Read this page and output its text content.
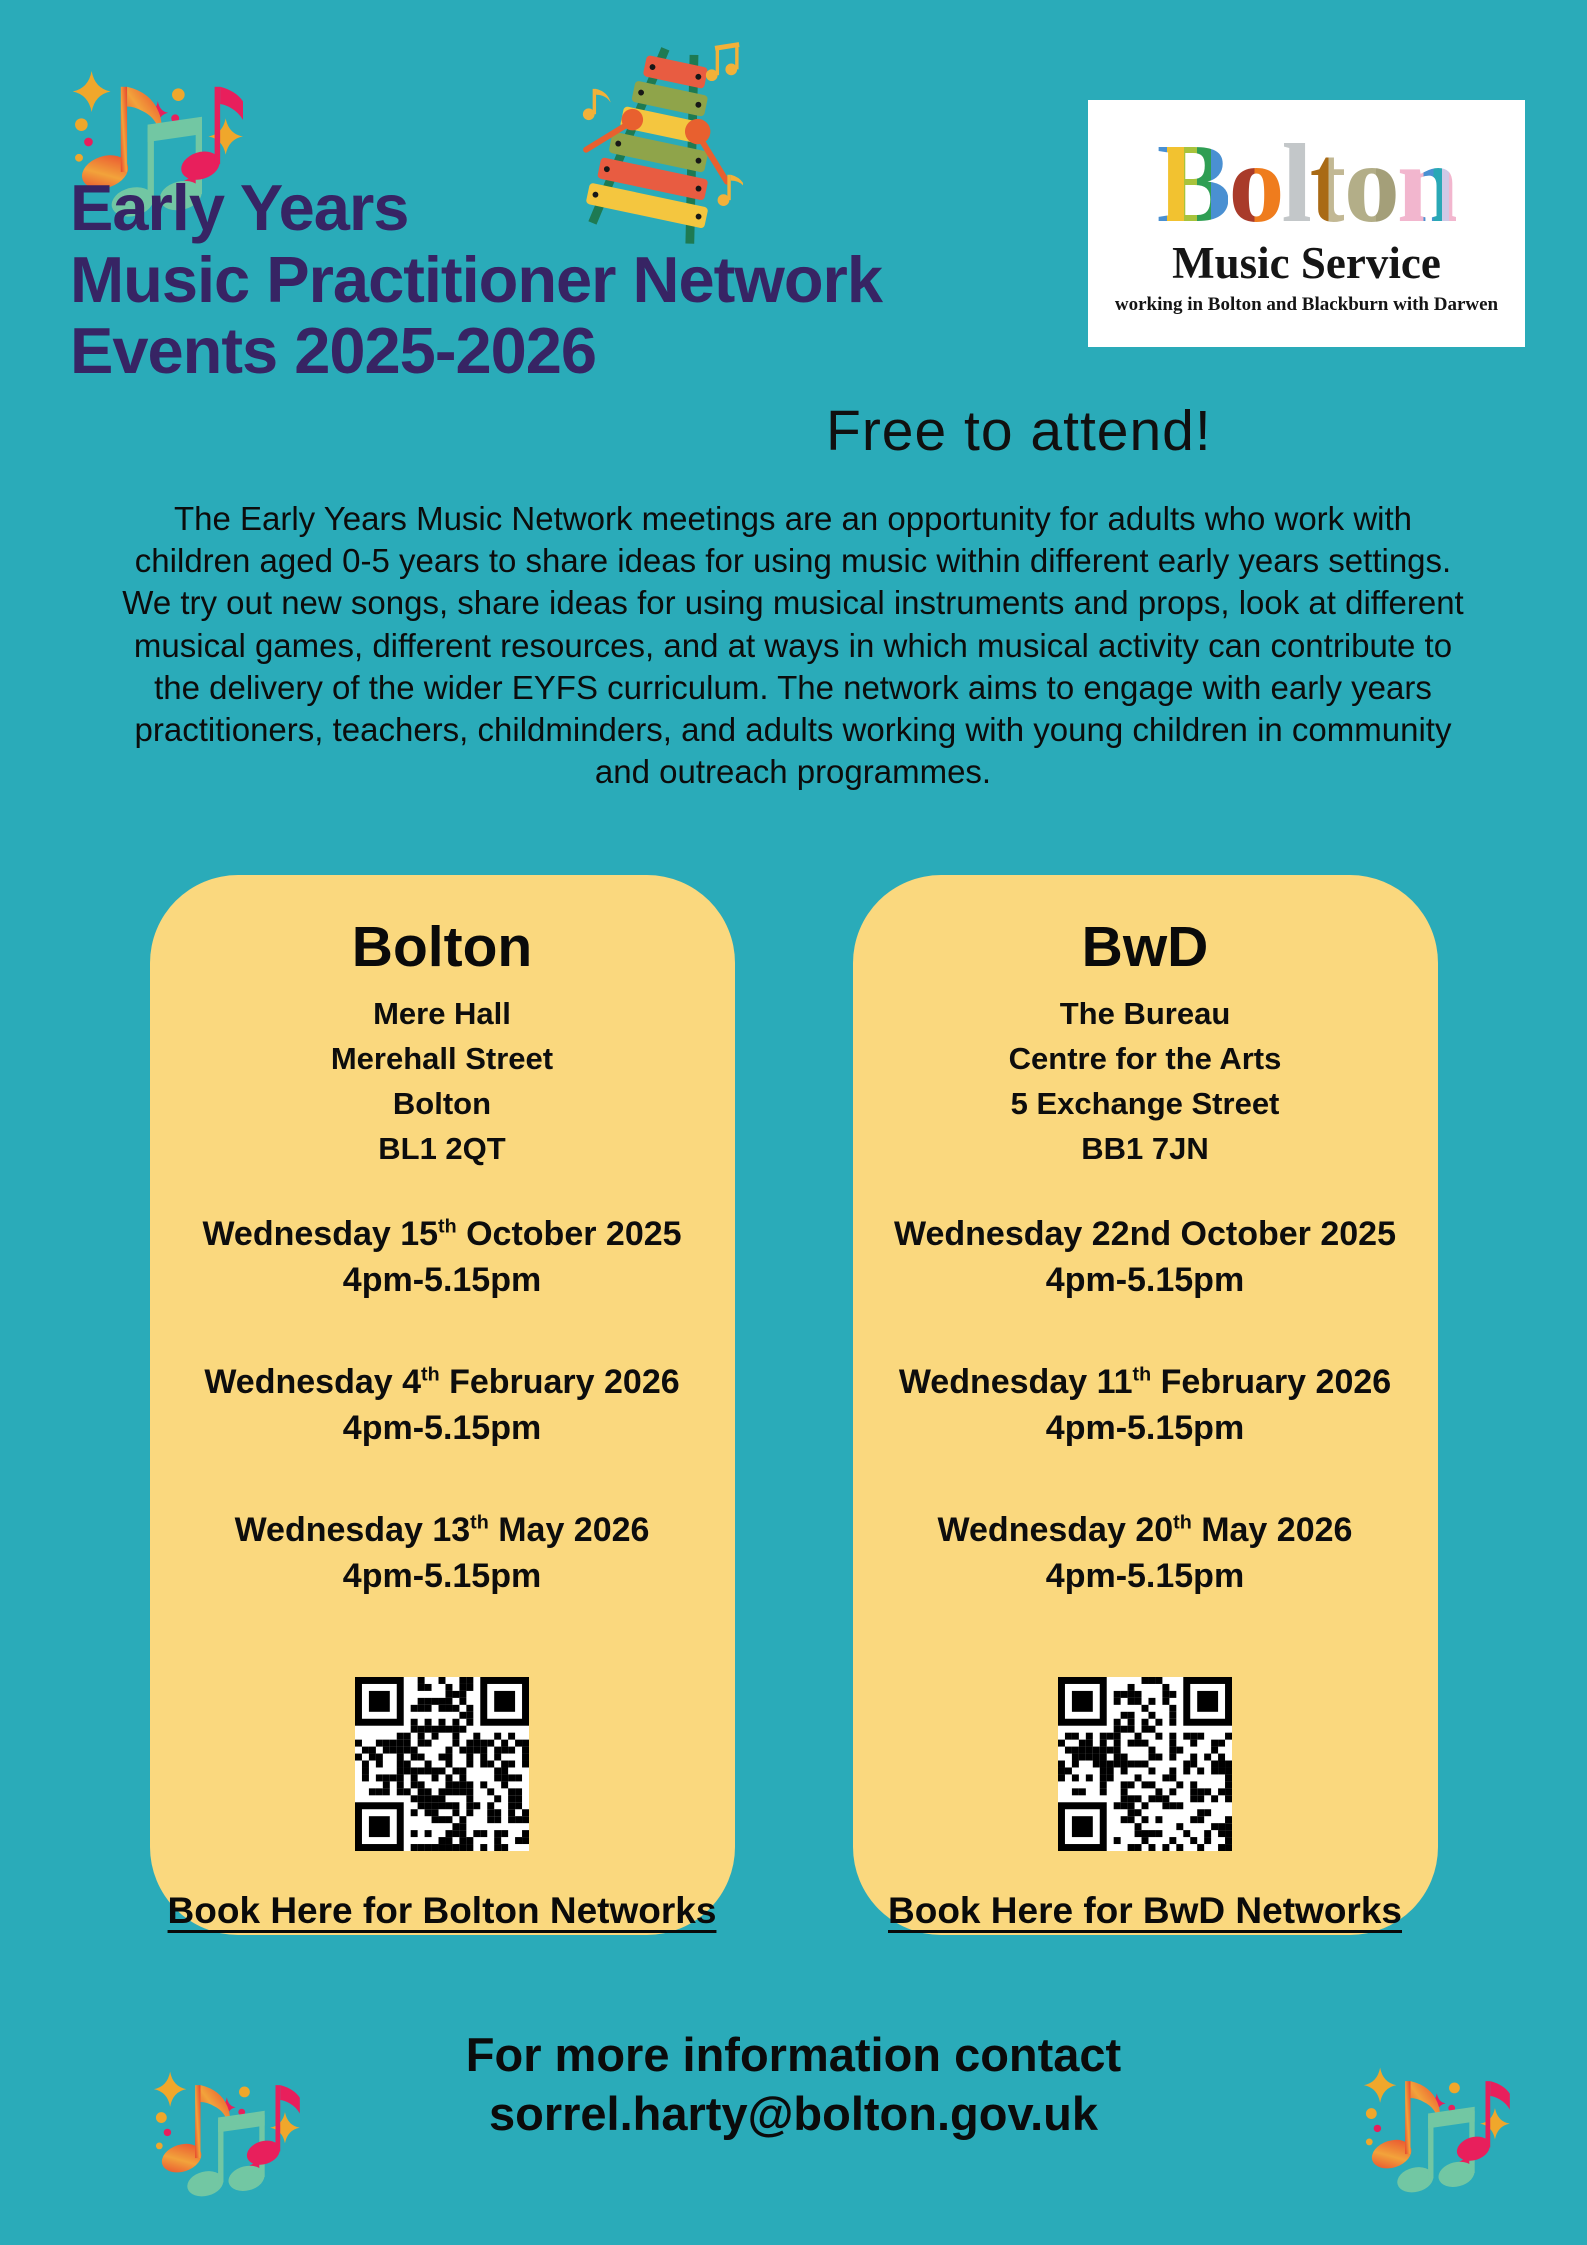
Bolton
Music Service
working in Bolton and Blackburn with Darwen
Early Years
Music Practitioner Network
Events 2025-2026
Free to attend!

The Early Years Music Network meetings are an opportunity for adults who work with children aged 0-5 years to share ideas for using music within different early years settings. We try out new songs, share ideas for using musical instruments and props, look at different musical games, different resources, and at ways in which musical activity can contribute to the delivery of the wider EYFS curriculum. The network aims to engage with early years practitioners, teachers, childminders, and adults working with young children in community and outreach programmes.

Bolton
Mere Hall
Merehall Street
Bolton
BL1 2QT
Wednesday 15th October 2025
4pm-5.15pm
Wednesday 4th February 2026
4pm-5.15pm
Wednesday 13th May 2026
4pm-5.15pm
Book Here for Bolton Networks
BwD
The Bureau
Centre for the Arts
5 Exchange Street
BB1 7JN
Wednesday 22nd October 2025
4pm-5.15pm
Wednesday 11th February 2026
4pm-5.15pm
Wednesday 20th May 2026
4pm-5.15pm
Book Here for BwD Networks
For more information contact
sorrel.harty@bolton.gov.uk
